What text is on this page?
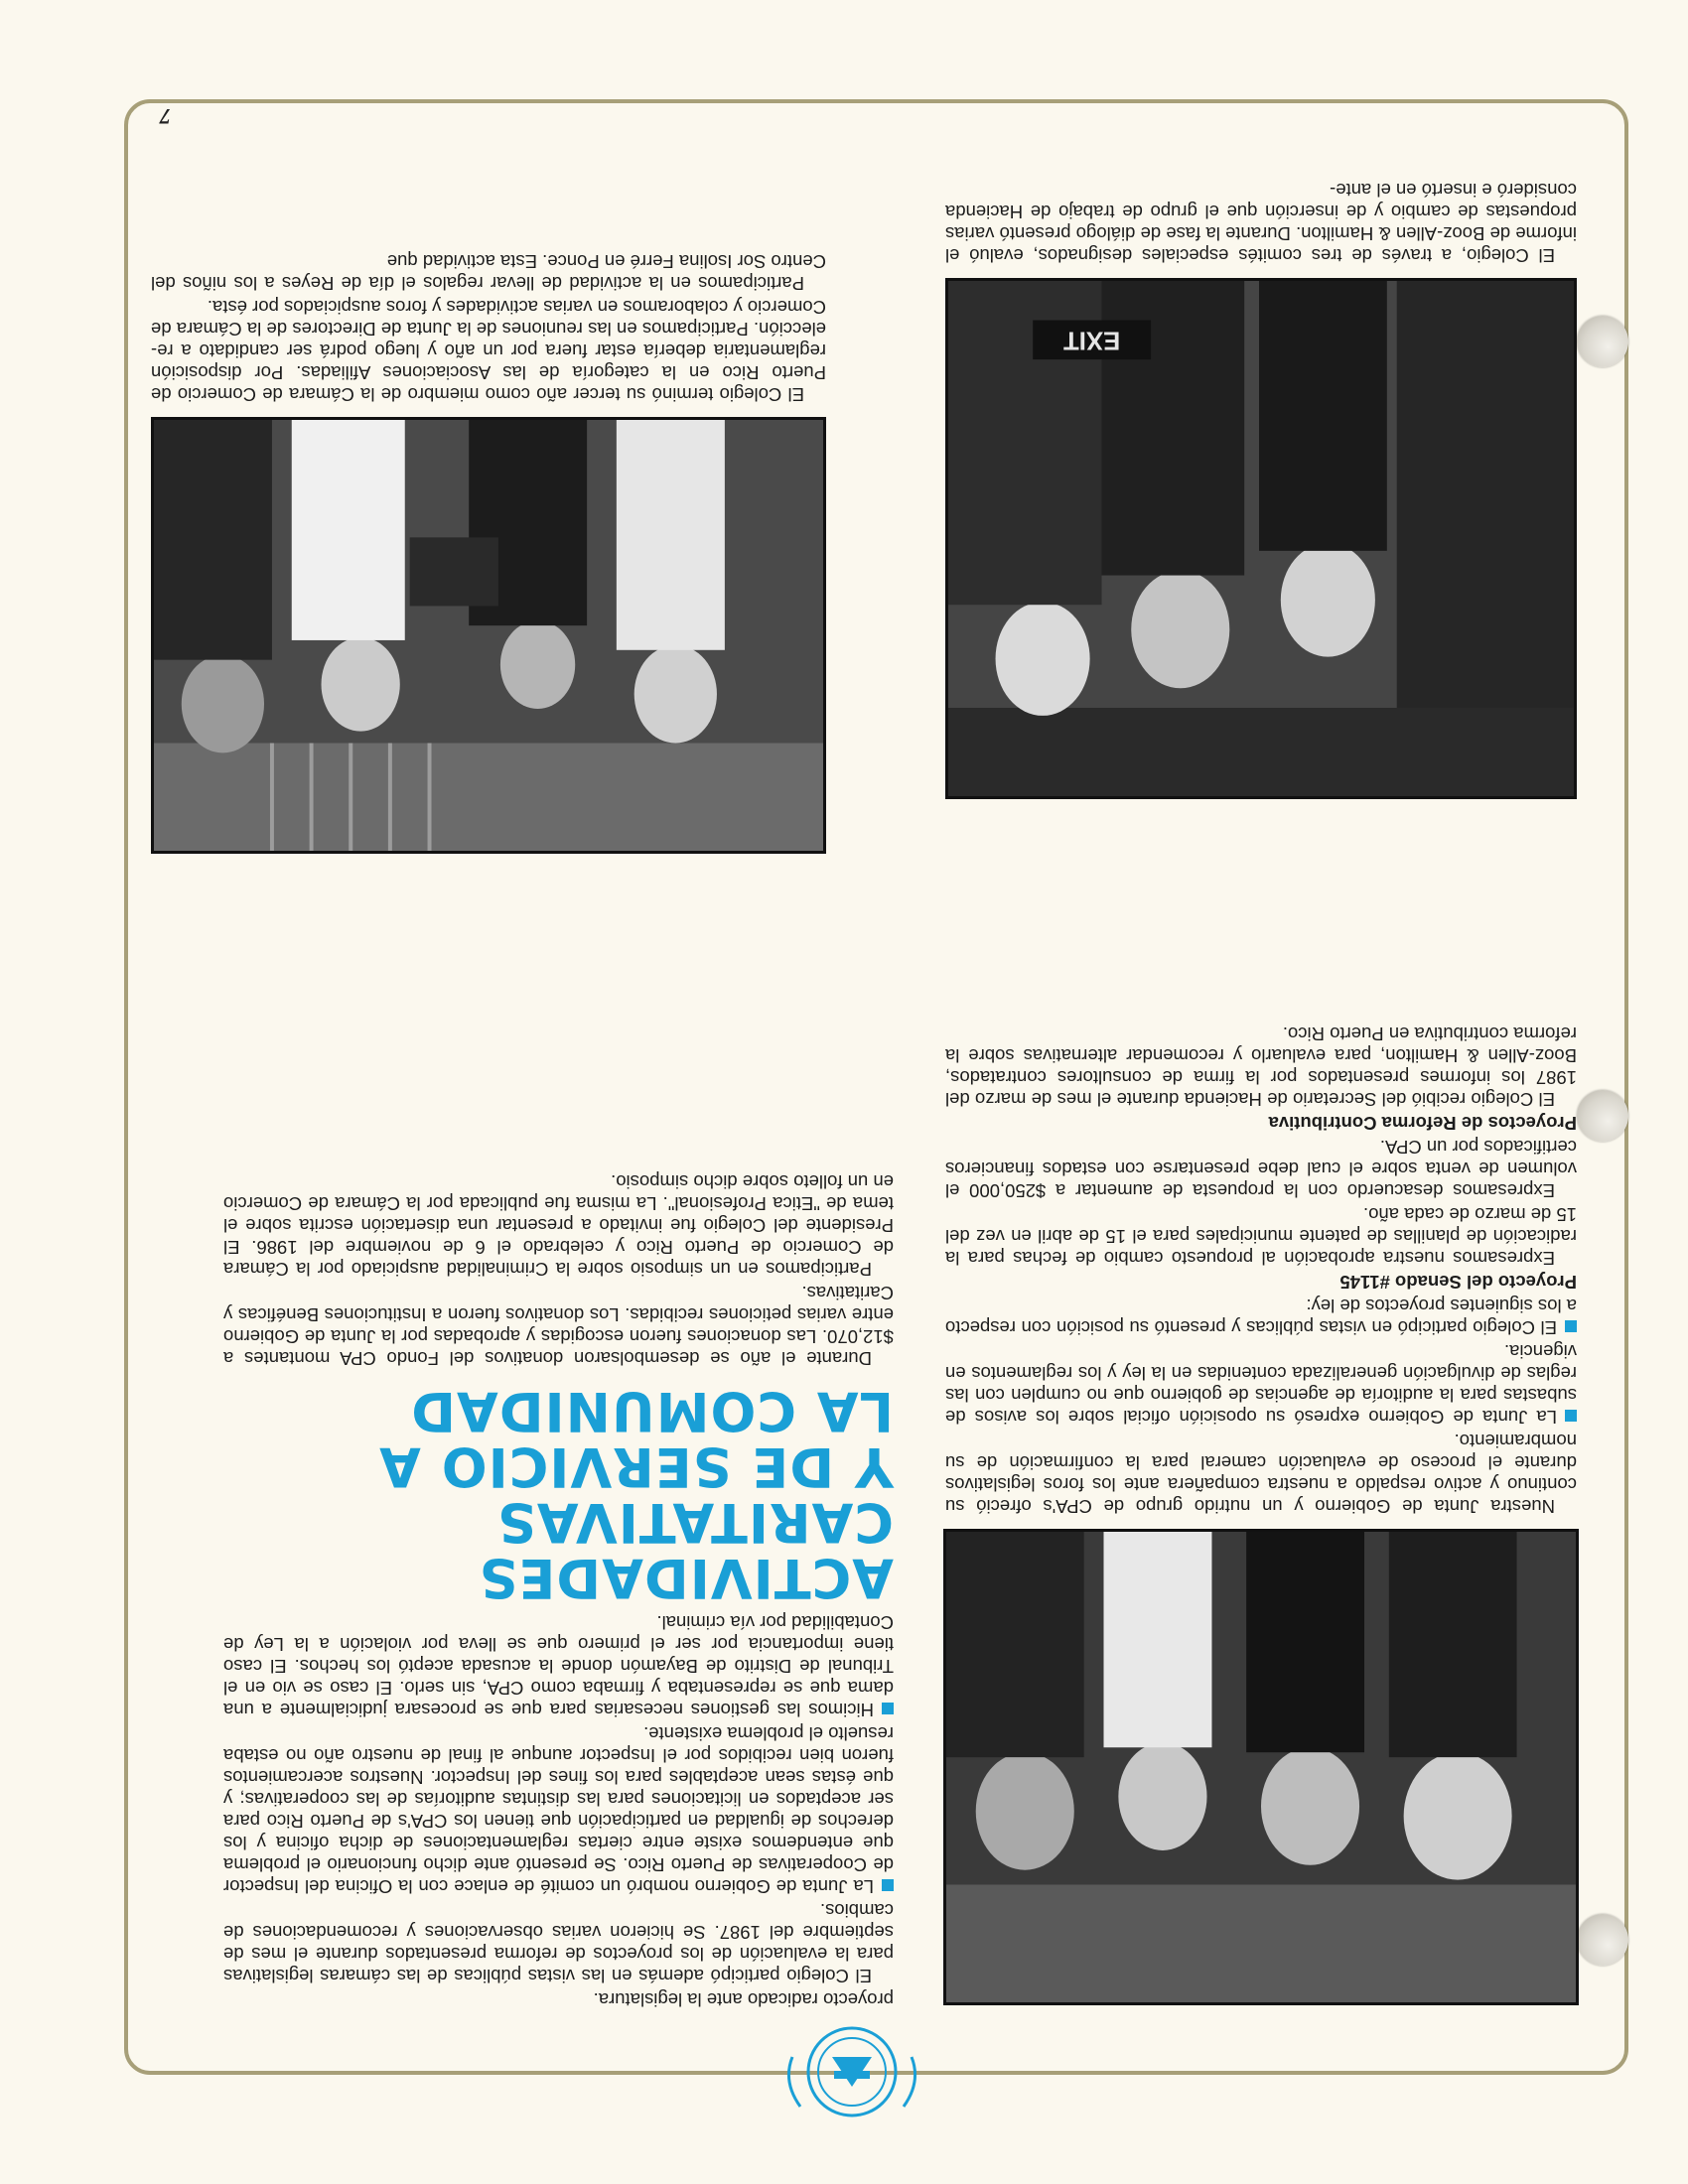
Nuestra Junta de Gobierno y un nutrido grupo de CPA's ofreció su continuo y activo respaldo a nuestra compañera ante los foros legislativos durante el proceso de evaluación cameral para la confirmación de su nombramiento.

La Junta de Gobierno expresó su oposición oficial sobre los avisos de subastas para la auditoría de agencias de gobierno que no cumplen con las reglas de divulgación generalizada contenidas en la ley y los reglamentos en vigencia.

El Colegio participó en vistas públicas y presentó su posición con respecto a los siguientes proyectos de ley:

Proyecto del Senado #1145

Expresamos nuestra aprobación al propuesto cambio de fechas para la radicación de planillas de patente municipales para el 15 de abril en vez del 15 de marzo de cada año.

Expresamos desacuerdo con la propuesta de aumentar a $250,000 el volumen de venta sobre el cual debe presentarse con estados financieros certificados por un CPA.

Proyectos de Reforma Contributiva

El Colegio recibió del Secretario de Hacienda durante el mes de marzo del 1987 los informes presentados por la firma de consultores contratados, Booz-Allen & Hamilton, para evaluarlo y recomendar alternativas sobre la reforma contributiva en Puerto Rico.

EXIT

El Colegio, a través de tres comités especiales designados, evaluó el informe de Booz-Allen & Hamilton. Durante la fase de diálogo presentó varias propuestas de cambio y de inserción que el grupo de trabajo de Hacienda consideró e insertó en el ante-

proyecto radicado ante la legislatura.

El Colegio participó además en las vistas públicas de las cámaras legislativas para la evaluación de los proyectos de reforma presentados durante el mes de septiembre del 1987. Se hicieron varias observaciones y recomendaciones de cambios.

La Junta de Gobierno nombró un comité de enlace con la Oficina del Inspector de Cooperativas de Puerto Rico. Se presentó ante dicho funcionario el problema que entendemos existe entre ciertas reglamentaciones de dicha oficina y los derechos de igualdad en participación que tienen los CPA's de Puerto Rico para ser aceptados en licitaciones para las distintas auditorías de las cooperativas; y que éstas sean aceptables para los fines del Inspector. Nuestros acercamientos fueron bien recibidos por el Inspector aunque al final de nuestro año no estaba resuelto el problema existente.

Hicimos las gestiones necesarias para que se procesara judicialmente a una dama que se representaba y firmaba como CPA, sin serlo. El caso se vio en el Tribunal de Distrito de Bayamón donde la acusada aceptó los hechos. El caso tiene importancia por ser el primero que se lleva por violación a la Ley de Contabilidad por vía criminal.

ACTIVIDADES CARITATIVAS
Y DE SERVICIO A
LA COMUNIDAD

Durante el año se desembolsaron donativos del Fondo CPA montantes a $12,070. Las donaciones fueron escogidas y aprobadas por la Junta de Gobierno entre varias peticiones recibidas. Los donativos fueron a Instituciones Benéficas y Caritativas.

Participamos en un simposio sobre la Criminalidad auspiciado por la Cámara de Comercio de Puerto Rico y celebrado el 6 de noviembre del 1986. El Presidente del Colegio fue invitado a presentar una disertación escrita sobre el tema de "Etica Profesional". La misma fue publicada por la Cámara de Comercio en un folleto sobre dicho simposio.

El Colegio terminó su tercer año como miembro de la Cámara de Comercio de Puerto Rico en la categoría de las Asociaciones Afiliadas. Por disposición reglamentaria debería estar fuera por un año y luego podrá ser candidato a re-elección. Participamos en las reuniones de la Junta de Directores de la Cámara de Comercio y colaboramos en varias actividades y foros auspiciados por ésta.

Participamos en la actividad de llevar regalos el día de Reyes a los niños del Centro Sor Isolina Ferré en Ponce. Esta actividad que

7
